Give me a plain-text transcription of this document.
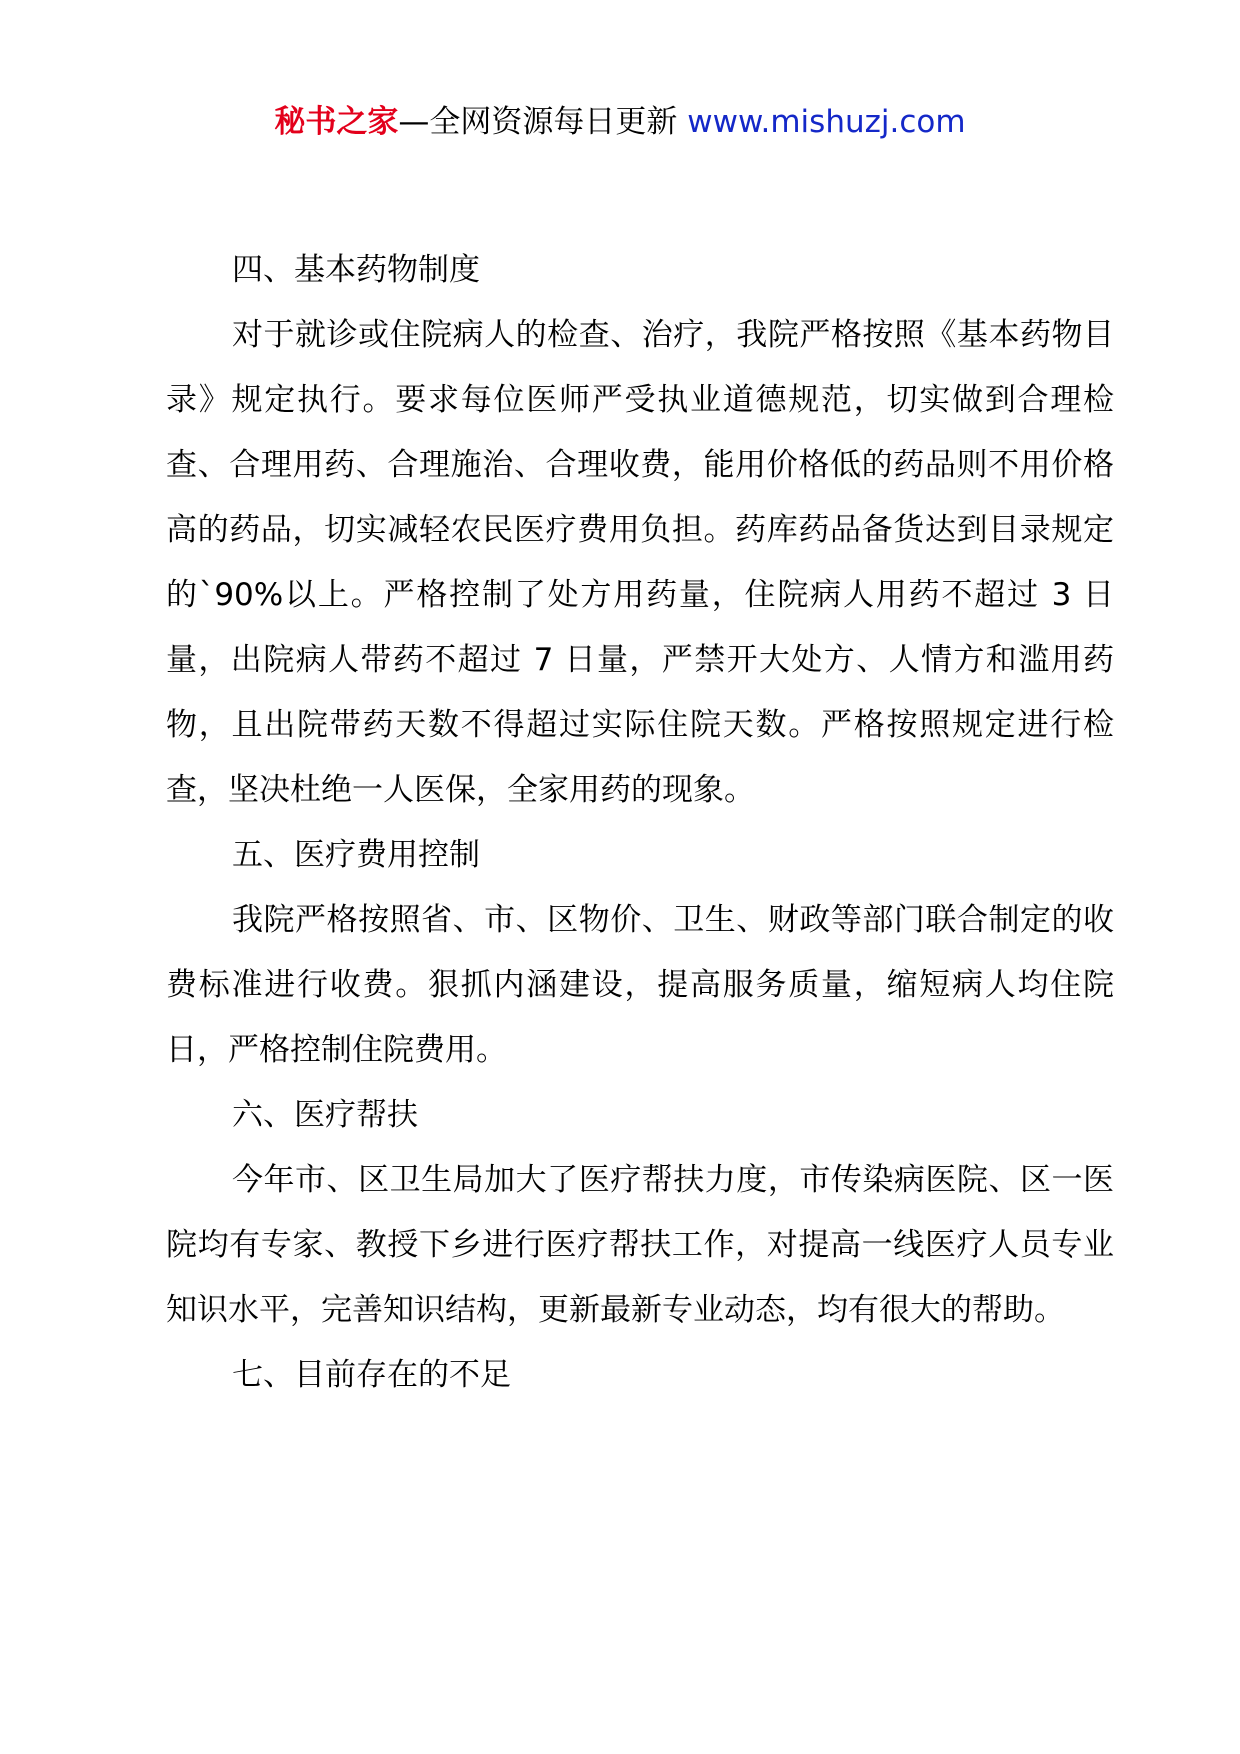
秘书之家—全网资源每日更新 www.mishuzj.com

四、基本药物制度

对于就诊或住院病人的检查、治疗，我院严格按照《基本药物目录》规定执行。要求每位医师严受执业道德规范，切实做到合理检查、合理用药、合理施治、合理收费，能用价格低的药品则不用价格高的药品，切实减轻农民医疗费用负担。药库药品备货达到目录规定的`90%以上。严格控制了处方用药量，住院病人用药不超过 3 日量，出院病人带药不超过 7 日量，严禁开大处方、人情方和滥用药物，且出院带药天数不得超过实际住院天数。严格按照规定进行检查，坚决杜绝一人医保，全家用药的现象。

五、医疗费用控制

我院严格按照省、市、区物价、卫生、财政等部门联合制定的收费标准进行收费。狠抓内涵建设，提高服务质量，缩短病人均住院日，严格控制住院费用。

六、医疗帮扶

今年市、区卫生局加大了医疗帮扶力度，市传染病医院、区一医院均有专家、教授下乡进行医疗帮扶工作，对提高一线医疗人员专业知识水平，完善知识结构，更新最新专业动态，均有很大的帮助。

七、目前存在的不足
